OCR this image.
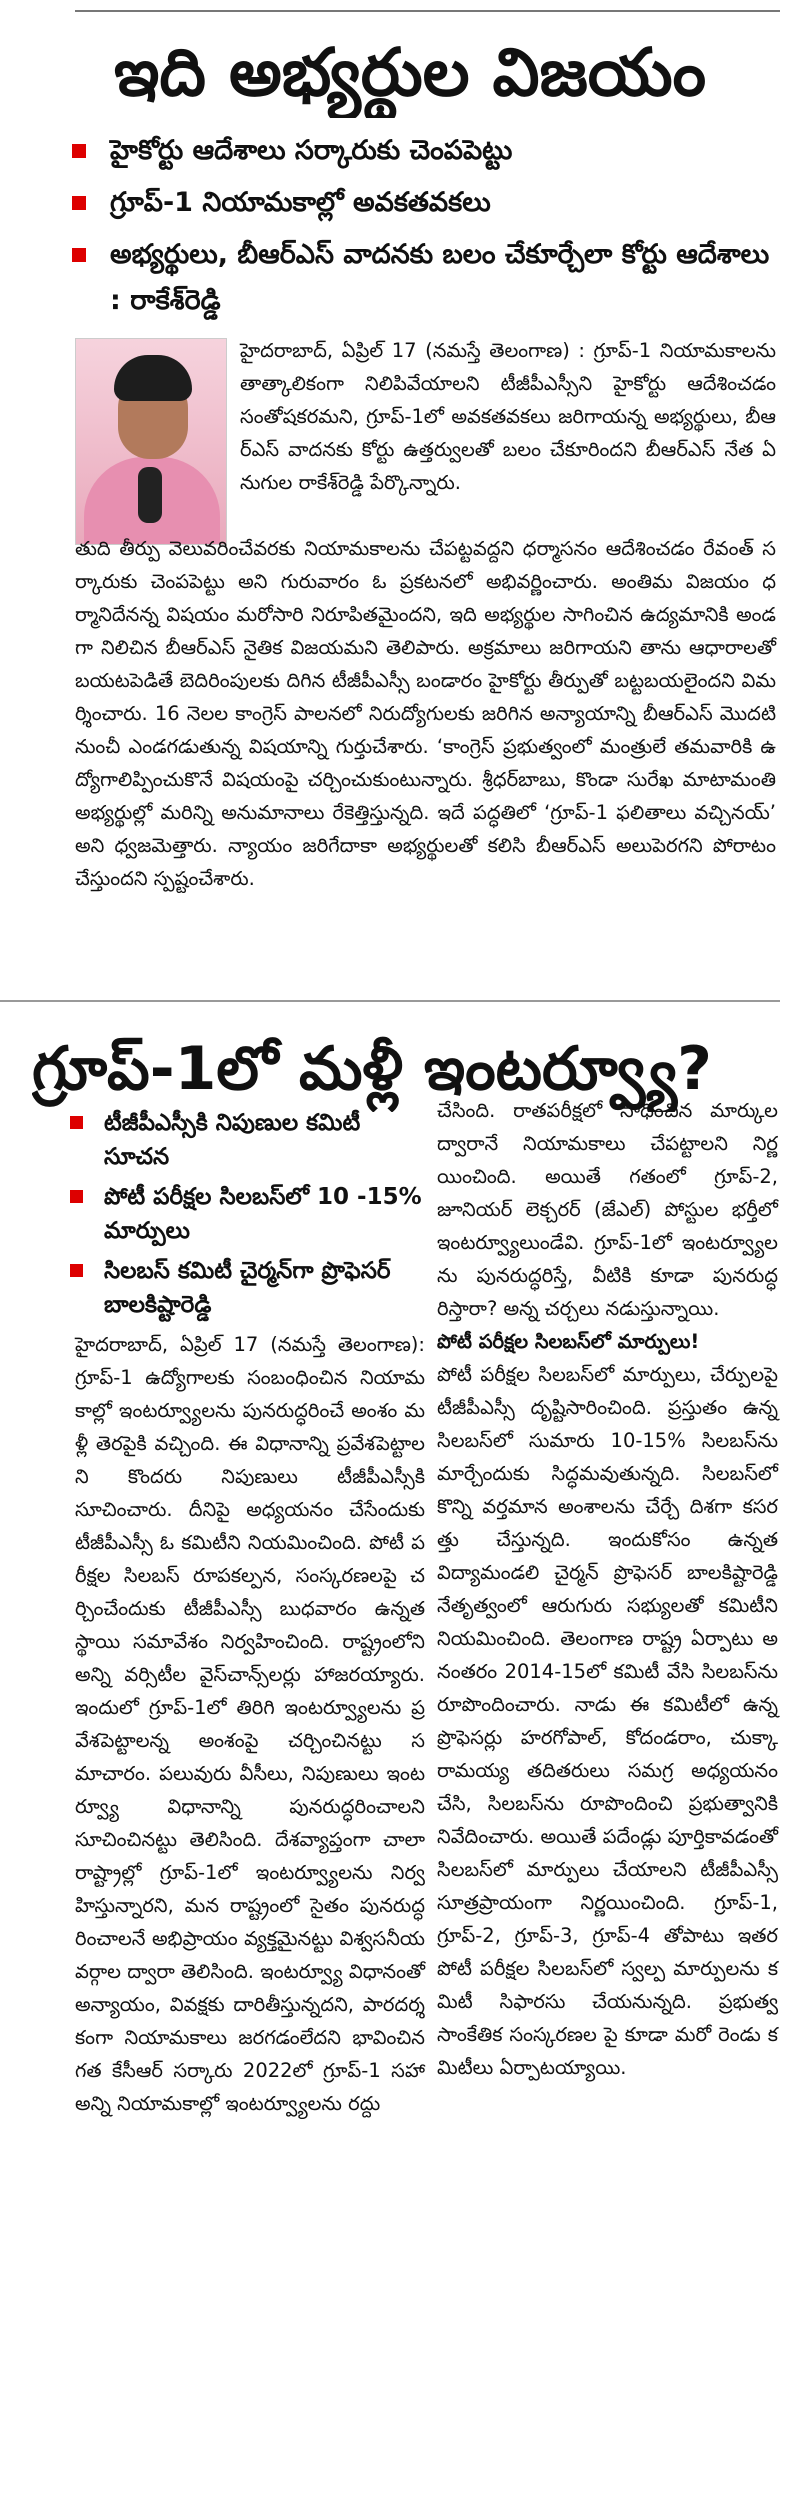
ఇది అభ్యర్థుల విజయం
హైకోర్టు ఆదేశాలు సర్కారుకు చెంపపెట్టు
గ్రూప్‌-1 నియామకాల్లో అవకతవకలు
అభ్యర్థులు, బీఆర్‌ఎస్‌ వాదనకు బలం చేకూర్చేలా కోర్టు ఆదేశాలు : రాకేశ్‌రెడ్డి

హైదరాబాద్‌, ఏప్రిల్‌ 17 (నమస్తే తెలంగాణ) : గ్రూప్‌-1 నియామకాలను తాత్కాలికంగా నిలిపివేయాలని టీజీపీఎస్సీని హైకోర్టు ఆదేశించడం సంతోషకరమని, గ్రూప్‌-1లో అవకతవకలు జరిగాయన్న అభ్యర్థులు, బీఆర్‌ఎస్‌ వాదనకు కోర్టు ఉత్తర్వులతో బలం చేకూరిందని బీఆర్‌ఎస్‌ నేత ఏనుగుల రాకేశ్‌రెడ్డి పేర్కొన్నారు.

తుది తీర్పు వెలువరించేవరకు నియామకాలను చేపట్టవద్దని ధర్మాసనం ఆదేశించడం రేవంత్‌ సర్కారుకు చెంపపెట్టు అని గురువారం ఓ ప్రకటనలో అభివర్ణించారు. అంతిమ విజయం ధర్మానిదేనన్న విషయం మరోసారి నిరూపితమైందని, ఇది అభ్యర్థుల సాగించిన ఉద్యమానికి అండగా నిలిచిన బీఆర్‌ఎస్‌ నైతిక విజయమని తెలిపారు. అక్రమాలు జరిగాయని తాను ఆధారాలతో బయటపెడితే బెదిరింపులకు దిగిన టీజీపీఎస్సీ బండారం హైకోర్టు తీర్పుతో బట్టబయలైందని విమర్శించారు. 16 నెలల కాంగ్రెస్‌ పాలనలో నిరుద్యోగులకు జరిగిన అన్యాయాన్ని బీఆర్‌ఎస్‌ మొదటి నుంచీ ఎండగడుతున్న విషయాన్ని గుర్తుచేశారు. ‘కాంగ్రెస్‌ ప్రభుత్వంలో మంత్రులే తమవారికి ఉద్యోగాలిప్పించుకొనే విషయంపై చర్చించుకుంటున్నారు. శ్రీధర్‌బాబు, కొండా సురేఖ మాటామంతి అభ్యర్థుల్లో మరిన్ని అనుమానాలు రేకెత్తిస్తున్నది. ఇదే పద్ధతిలో ‘గ్రూప్‌-1 ఫలితాలు వచ్చినయ్‌’ అని ధ్వజమెత్తారు. న్యాయం జరిగేదాకా అభ్యర్థులతో కలిసి బీఆర్‌ఎస్‌ అలుపెరగని పోరాటం చేస్తుందని స్పష్టంచేశారు.

గ్రూప్‌-1లో మళ్లీ ఇంటర్వ్యూ?
టీజీపీఎస్సీకి నిపుణుల కమిటీ సూచన
పోటీ పరీక్షల సిలబస్‌లో 10 -15% మార్పులు
సిలబస్‌ కమిటీ చైర్మన్‌గా ప్రొఫెసర్‌ బాలకిష్టారెడ్డి

హైదరాబాద్‌, ఏప్రిల్‌ 17 (నమస్తే తెలంగాణ): గ్రూప్‌-1 ఉద్యోగాలకు సంబంధించిన నియామకాల్లో ఇంటర్వ్యూలను పునరుద్ధరించే అంశం మళ్లీ తెరపైకి వచ్చింది. ఈ విధానాన్ని ప్రవేశపెట్టాలని కొందరు నిపుణులు టీజీపీఎస్సీకి సూచించారు. దీనిపై అధ్యయనం చేసేందుకు టీజీపీఎస్సీ ఓ కమిటీని నియమించింది. పోటీ పరీక్షల సిలబస్‌ రూపకల్పన, సంస్కరణలపై చర్చించేందుకు టీజీపీఎస్సీ బుధవారం ఉన్నతస్థాయి సమావేశం నిర్వహించింది. రాష్ట్రంలోని అన్ని వర్సిటీల వైస్‌చాన్స్‌లర్లు హాజరయ్యారు. ఇందులో గ్రూప్‌-1లో తిరిగి ఇంటర్వ్యూలను ప్రవేశపెట్టాలన్న అంశంపై చర్చించినట్టు సమాచారం. పలువురు వీసీలు, నిపుణులు ఇంటర్వ్యూ విధానాన్ని పునరుద్ధరించాలని సూచించినట్టు తెలిసింది. దేశవ్యాప్తంగా చాలా రాష్ట్రాల్లో గ్రూప్‌-1లో ఇంటర్వ్యూలను నిర్వహిస్తున్నారని, మన రాష్ట్రంలో సైతం పునరుద్ధరించాలనే అభిప్రాయం వ్యక్తమైనట్టు విశ్వసనీయవర్గాల ద్వారా తెలిసింది. ఇంటర్వ్యూ విధానంతో అన్యాయం, వివక్షకు దారితీస్తున్నదని, పారదర్శకంగా నియామకాలు జరగడంలేదని భావించిన గత కేసీఆర్‌ సర్కారు 2022లో గ్రూప్‌-1 సహా అన్ని నియామకాల్లో ఇంటర్వ్యూలను రద్దు

చేసింది. రాతపరీక్షలో సాధించిన మార్కుల ద్వారానే నియామకాలు చేపట్టాలని నిర్ణయించింది. అయితే గతంలో గ్రూప్‌-2, జూనియర్‌ లెక్చరర్‌ (జేఎల్‌) పోస్టుల భర్తీలో ఇంటర్వ్యూలుండేవి. గ్రూప్‌-1లో ఇంటర్వ్యూలను పునరుద్ధరిస్తే, వీటికి కూడా పునరుద్ధరిస్తారా? అన్న చర్చలు నడుస్తున్నాయి.
పోటీ పరీక్షల సిలబస్‌లో మార్పులు!
పోటీ పరీక్షల సిలబస్‌లో మార్పులు, చేర్పులపై టీజీపీఎస్సీ దృష్టిసారించింది. ప్రస్తుతం ఉన్న సిలబస్‌లో సుమారు 10-15% సిలబస్‌ను మార్చేందుకు సిద్ధమవుతున్నది. సిలబస్‌లో కొన్ని వర్తమాన అంశాలను చేర్చే దిశగా కసరత్తు చేస్తున్నది. ఇందుకోసం ఉన్నత విద్యామండలి చైర్మన్‌ ప్రొఫెసర్‌ బాలకిష్టారెడ్డి నేతృత్వంలో ఆరుగురు సభ్యులతో కమిటీని నియమించింది. తెలంగాణ రాష్ట్ర ఏర్పాటు అనంతరం 2014-15లో కమిటీ వేసి సిలబస్‌ను రూపొందించారు. నాడు ఈ కమిటీలో ఉన్న ప్రొఫెసర్లు హరగోపాల్‌, కోదండరాం, చుక్కా రామయ్య తదితరులు సమగ్ర అధ్యయనం చేసి, సిలబస్‌ను రూపొందించి ప్రభుత్వానికి నివేదించారు. అయితే పదేండ్లు పూర్తికావడంతో సిలబస్‌లో మార్పులు చేయాలని టీజీపీఎస్సీ సూత్రప్రాయంగా నిర్ణయించింది. గ్రూప్‌-1, గ్రూప్‌-2, గ్రూప్‌-3, గ్రూప్‌-4 తోపాటు ఇతర పోటీ పరీక్షల సిలబస్‌లో స్వల్ప మార్పులను కమిటీ సిఫారసు చేయనున్నది. ప్రభుత్వ సాంకేతిక సంస్కరణల పై కూడా మరో రెండు కమిటీలు ఏర్పాటయ్యాయి.
